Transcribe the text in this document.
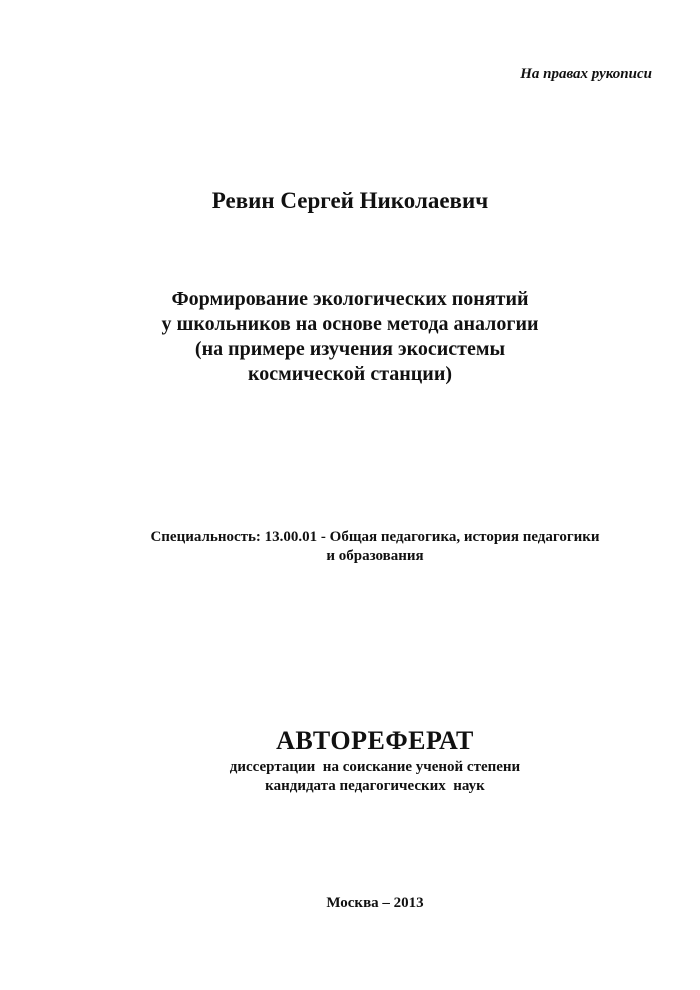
На правах рукописи
Ревин Сергей Николаевич
Формирование экологических понятий
у школьников на основе метода аналогии
(на примере изучения экосистемы
космической станции)
Специальность: 13.00.01 - Общая педагогика, история педагогики
и образования
АВТОРЕФЕРАТ
диссертации  на соискание ученой степени
кандидата педагогических  наук
Москва – 2013
